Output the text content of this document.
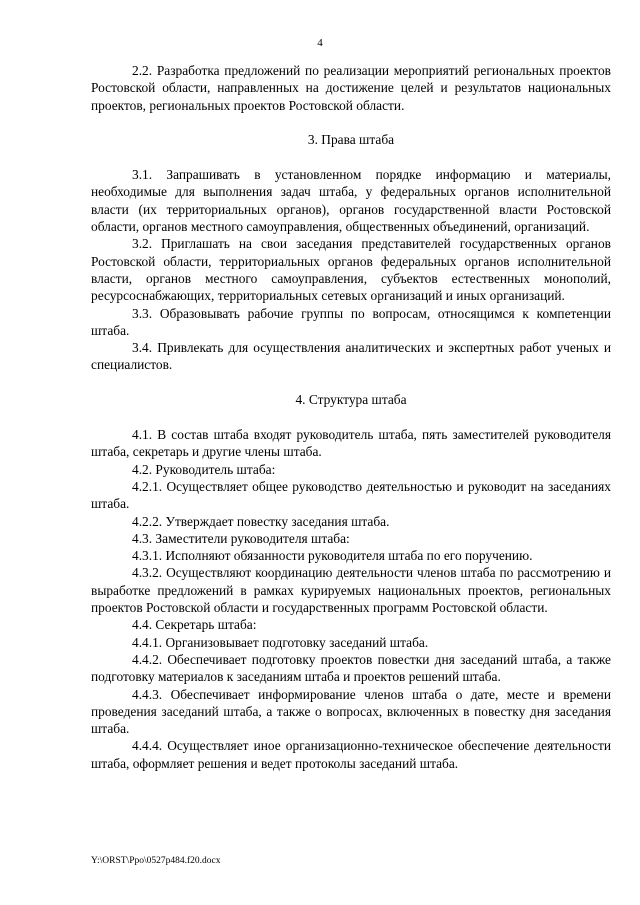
4

2.2. Разработка предложений по реализации мероприятий региональных проектов Ростовской области, направленных на достижение целей и результатов национальных проектов, региональных проектов Ростовской области.

3. Права штаба

3.1. Запрашивать в установленном порядке информацию и материалы, необходимые для выполнения задач штаба, у федеральных органов исполнительной власти (их территориальных органов), органов государственной власти Ростовской области, органов местного самоуправления, общественных объединений, организаций.

3.2. Приглашать на свои заседания представителей государственных органов Ростовской области, территориальных органов федеральных органов исполнительной власти, органов местного самоуправления, субъектов естественных монополий, ресурсоснабжающих, территориальных сетевых организаций и иных организаций.

3.3. Образовывать рабочие группы по вопросам, относящимся к компетенции штаба.

3.4. Привлекать для осуществления аналитических и экспертных работ ученых и специалистов.

4. Структура штаба

4.1. В состав штаба входят руководитель штаба, пять заместителей руководителя штаба, секретарь и другие члены штаба.

4.2. Руководитель штаба:

4.2.1. Осуществляет общее руководство деятельностью и руководит на заседаниях штаба.

4.2.2. Утверждает повестку заседания штаба.

4.3. Заместители руководителя штаба:

4.3.1. Исполняют обязанности руководителя штаба по его поручению.

4.3.2. Осуществляют координацию деятельности членов штаба по рассмотрению и выработке предложений в рамках курируемых национальных проектов, региональных проектов Ростовской области и государственных программ Ростовской области.

4.4. Секретарь штаба:

4.4.1. Организовывает подготовку заседаний штаба.

4.4.2. Обеспечивает подготовку проектов повестки дня заседаний штаба, а также подготовку материалов к заседаниям штаба и проектов решений штаба.

4.4.3. Обеспечивает информирование членов штаба о дате, месте и времени проведения заседаний штаба, а также о вопросах, включенных в повестку дня заседания штаба.

4.4.4. Осуществляет иное организационно-техническое обеспечение деятельности штаба, оформляет решения и ведет протоколы заседаний штаба.

Y:\ORST\Ppo\0527p484.f20.docx
